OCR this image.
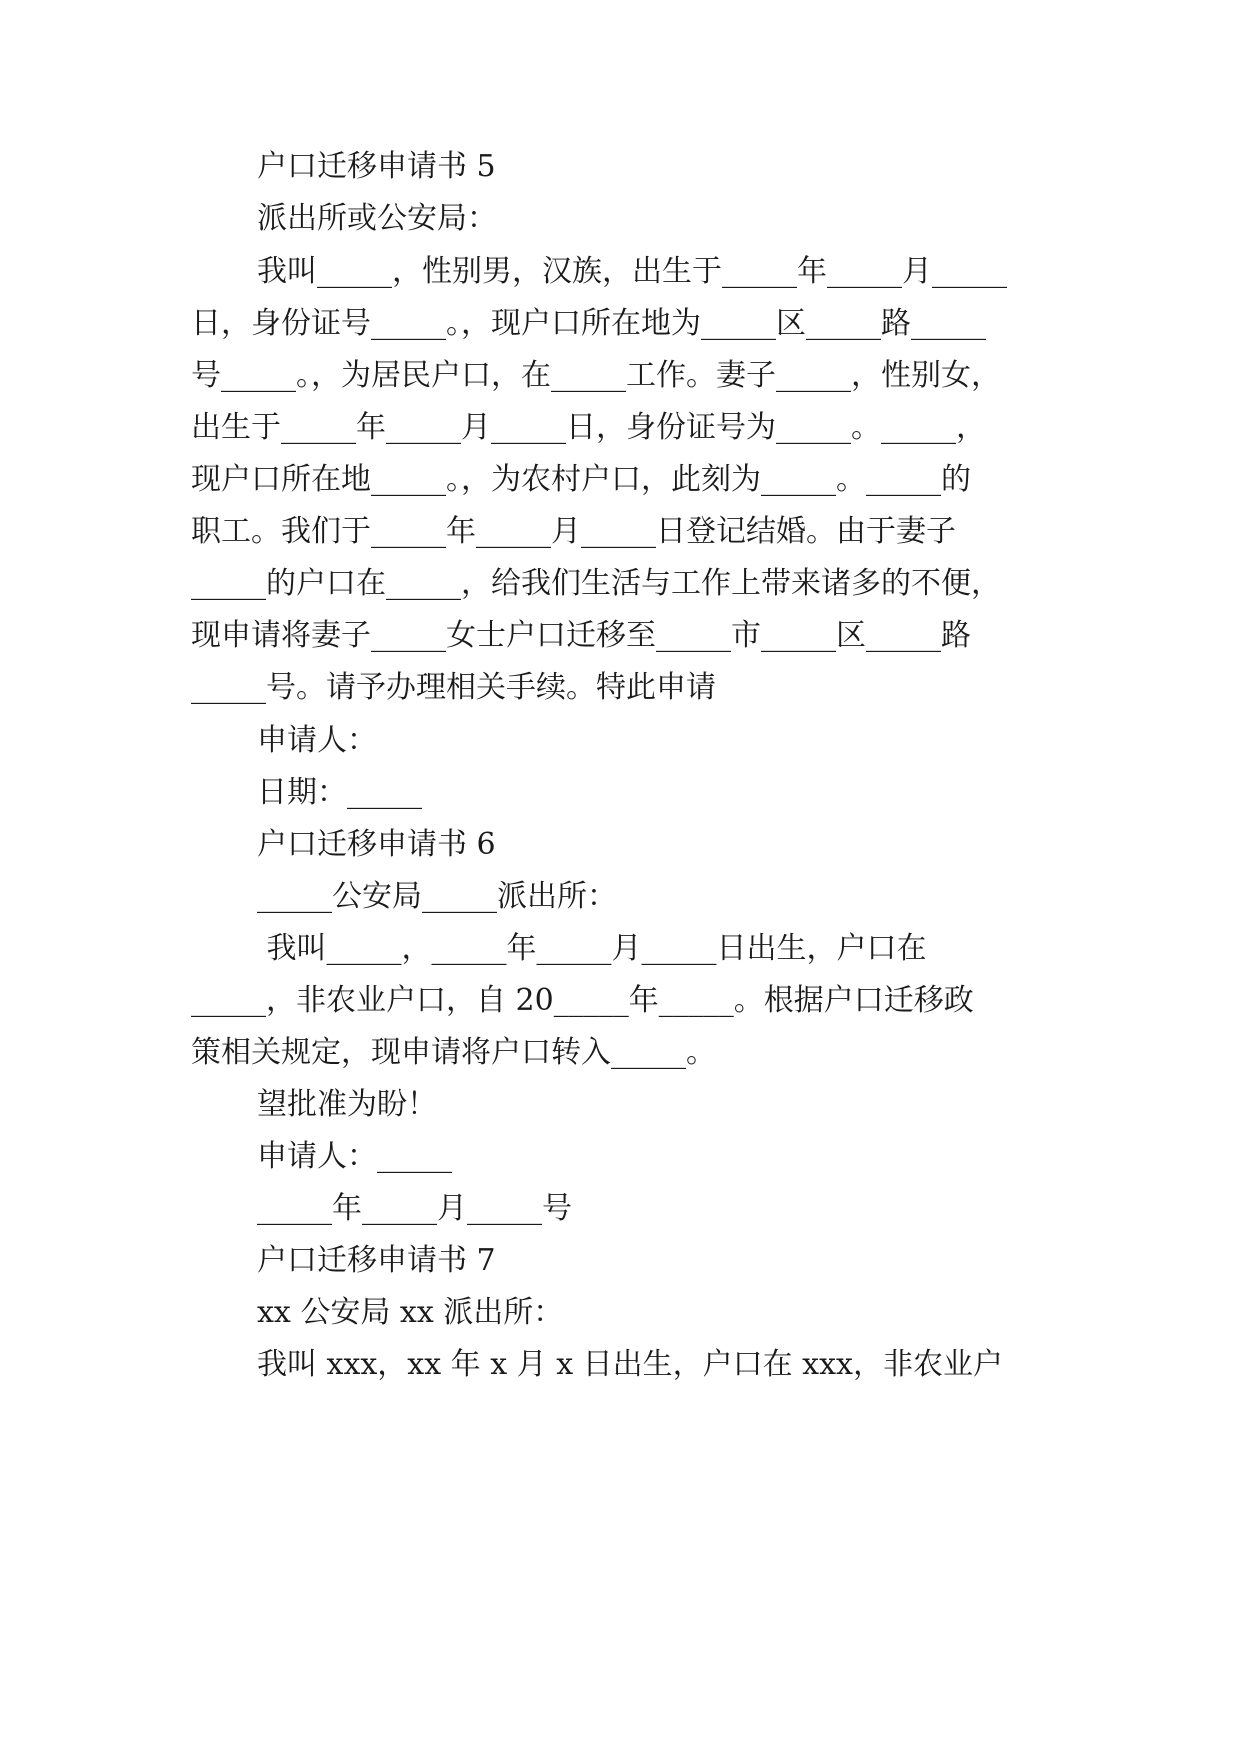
户口迁移申请书 5
派出所或公安局：
我叫_____，性别男，汉族，出生于_____年_____月_____
日，身份证号_____。，现户口所在地为_____区_____路_____
号_____。，为居民户口，在_____工作。妻子_____，性别女，
出生于_____年_____月_____日，身份证号为_____。_____，
现户口所在地_____。，为农村户口，此刻为_____。_____的
职工。我们于_____年_____月_____日登记结婚。由于妻子
_____的户口在_____，给我们生活与工作上带来诸多的不便，
现申请将妻子_____女士户口迁移至_____市_____区_____路
_____号。请予办理相关手续。特此申请
申请人：
日期：_____
户口迁移申请书 6
_____公安局_____派出所：
我叫_____，_____年_____月_____日出生，户口在
_____，非农业户口，自 20_____年_____。根据户口迁移政
策相关规定，现申请将户口转入_____。
望批准为盼！
申请人：_____
_____年_____月_____号
户口迁移申请书 7
xx 公安局 xx 派出所：
我叫 xxx，xx 年 x 月 x 日出生，户口在 xxx，非农业户
